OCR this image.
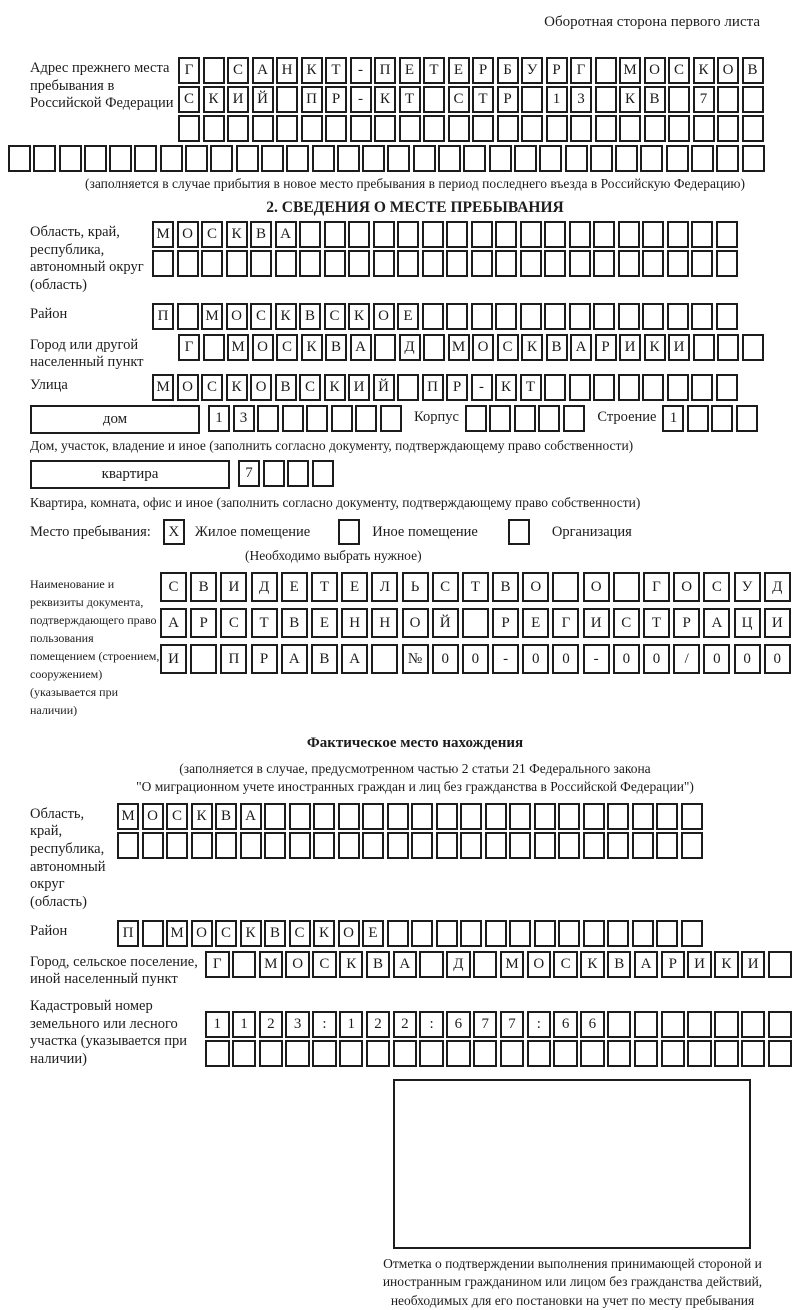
Оборотная сторона первого листа
Адрес прежнего места пребывания в Российской Федерации
Г	С А Н К Т	-	П Е	Т	Е	Р	Б У	Р	Г	М О С К О В
С К И Й	П Р	-	К Т	С Т	Р	1	3	К В	7
(заполняется в случае прибытия в новое место пребывания в период последнего въезда в Российскую Федерацию)
2. СВЕДЕНИЯ О МЕСТЕ ПРЕБЫВАНИЯ
Область, край, республика, автономный округ (область)
М О С К В А
Район	П	М О С К В С К О Е
Город или другой населенный пункт
Г	М О С К В А	Д	М О С К В А Р И К И
Улица	М О С К О В С К И Й	П Р	-	К Т
дом	1	3	Корпус	Строение 1
Дом, участок, владение и иное (заполнить согласно документу, подтверждающему право собственности)
квартира	7
Квартира, комната, офис и иное (заполнить согласно документу, подтверждающему право собственности)
Место пребывания:	X	Жилое помещение	Иное помещение	Организация
(Необходимо выбрать нужное)
Наименование и реквизиты документа, подтверждающего право пользования помещением (строением, сооружением) (указывается при наличии)
С	В	И	Д	Е	Т	Е	Л	Ь	С	Т	В	О	О	Г	О	С	У	Д
А	Р	С	Т	В	Е	Н	Н	О	Й	Р	Е	Г	И	С	Т	Р	А	Ц	И
И	П	Р	А	В	А	№	0	0	-	0	0	-	0	0	/	0	0	0
Фактическое место нахождения
(заполняется в случае, предусмотренном частью 2 статьи 21 Федерального закона
"О миграционном учете иностранных граждан и лиц без гражданства в Российской Федерации")
Область, край, республика, автономный округ (область)
М О С К В А
Район	П	М О С К В С К О Е
Город, сельское поселение, иной населенный пункт
Г	М О	С	К	В	А	Д	М О	С	К	В	А	Р	И	К	И
Кадастровый номер земельного или лесного участка (указывается при наличии)
1	1	2	3	:	1	2	2	:	6	7	7	:	6	6
Отметка о подтверждении выполнения принимающей стороной и иностранным гражданином или лицом без гражданства действий, необходимых для его постановки на учет по месту пребывания
